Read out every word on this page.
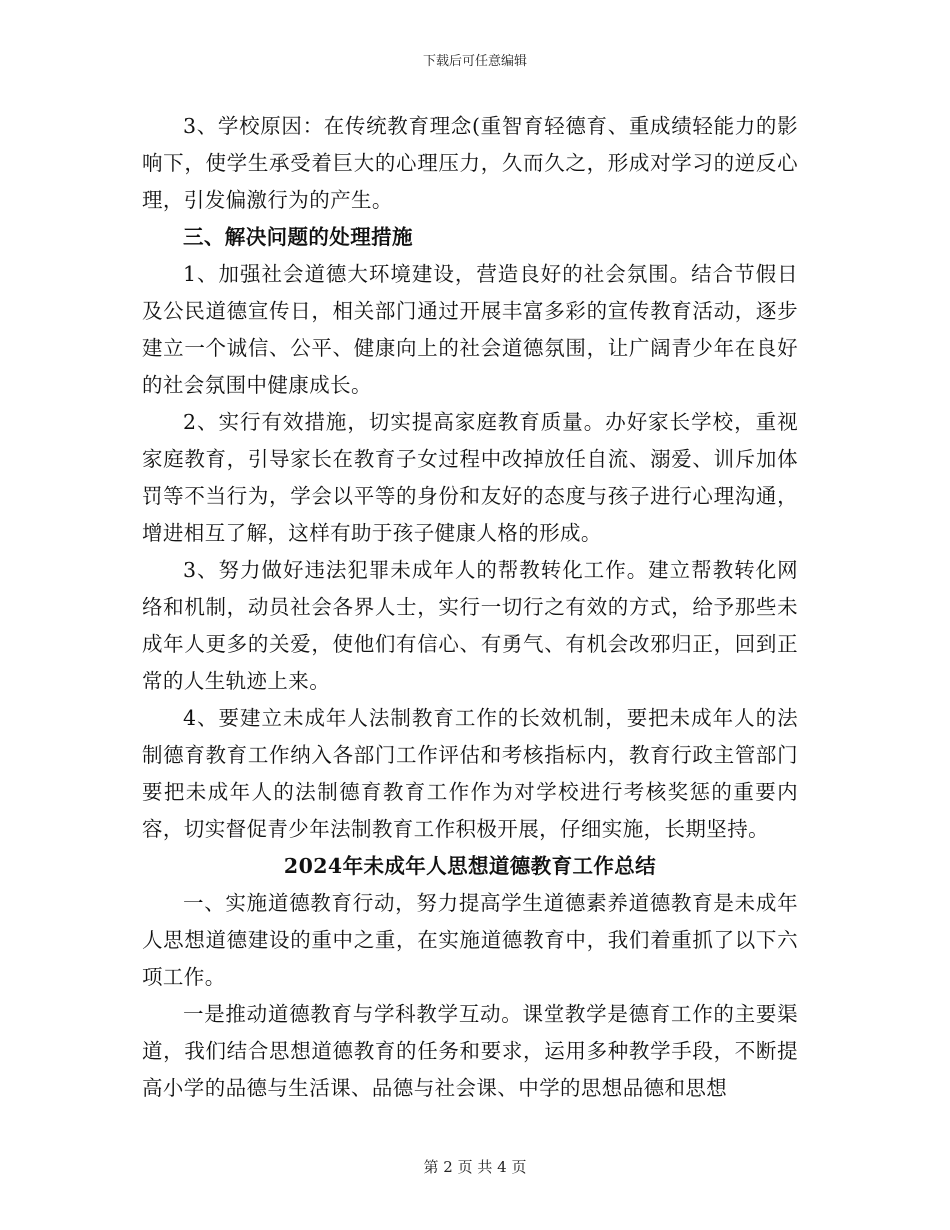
下载后可任意编辑

3、学校原因：在传统教育理念(重智育轻德育、重成绩轻能力的影响下，使学生承受着巨大的心理压力，久而久之，形成对学习的逆反心理，引发偏激行为的产生。

三、解决问题的处理措施

1、加强社会道德大环境建设，营造良好的社会氛围。结合节假日及公民道德宣传日，相关部门通过开展丰富多彩的宣传教育活动，逐步建立一个诚信、公平、健康向上的社会道德氛围，让广阔青少年在良好的社会氛围中健康成长。

2、实行有效措施，切实提高家庭教育质量。办好家长学校，重视家庭教育，引导家长在教育子女过程中改掉放任自流、溺爱、训斥加体罚等不当行为，学会以平等的身份和友好的态度与孩子进行心理沟通，增进相互了解，这样有助于孩子健康人格的形成。

3、努力做好违法犯罪未成年人的帮教转化工作。建立帮教转化网络和机制，动员社会各界人士，实行一切行之有效的方式，给予那些未成年人更多的关爱，使他们有信心、有勇气、有机会改邪归正，回到正常的人生轨迹上来。

4、要建立未成年人法制教育工作的长效机制，要把未成年人的法制德育教育工作纳入各部门工作评估和考核指标内，教育行政主管部门要把未成年人的法制德育教育工作作为对学校进行考核奖惩的重要内容，切实督促青少年法制教育工作积极开展，仔细实施，长期坚持。

2024年未成年人思想道德教育工作总结

一、实施道德教育行动，努力提高学生道德素养道德教育是未成年人思想道德建设的重中之重，在实施道德教育中，我们着重抓了以下六项工作。

一是推动道德教育与学科教学互动。课堂教学是德育工作的主要渠道，我们结合思想道德教育的任务和要求，运用多种教学手段，不断提高小学的品德与生活课、品德与社会课、中学的思想品德和思想

第 2 页 共 4 页
